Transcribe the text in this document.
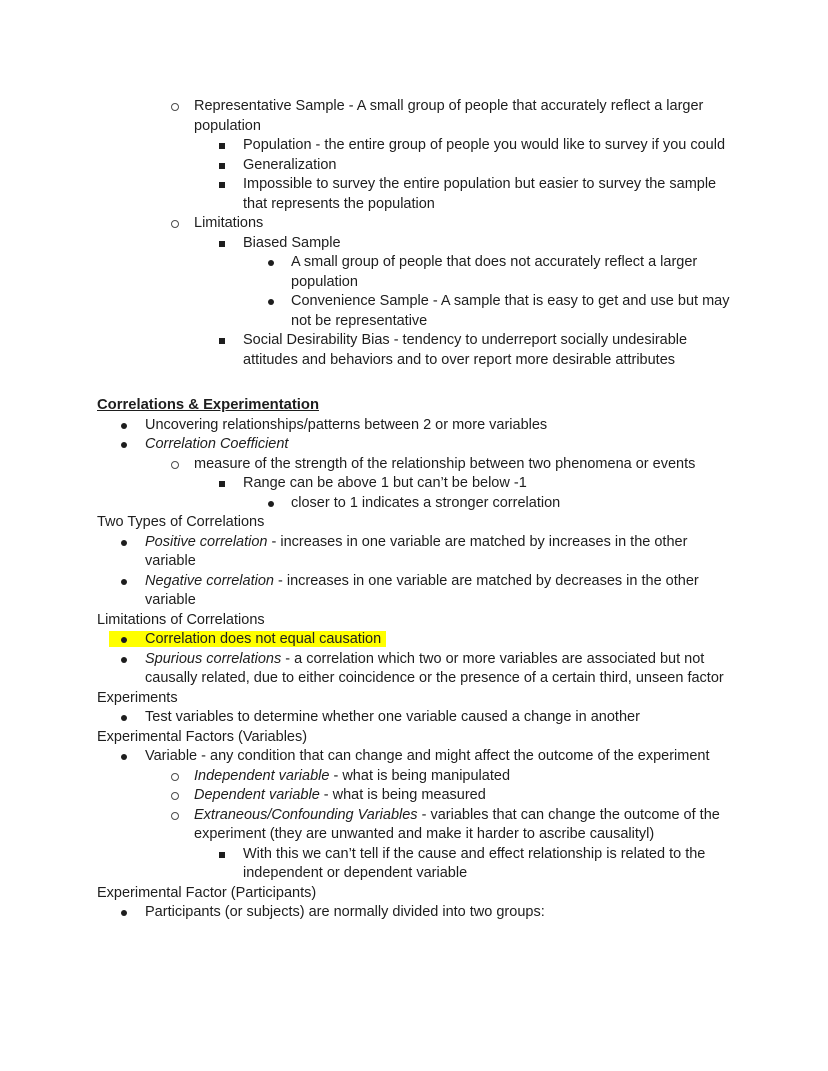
Representative Sample - A small group of people that accurately reflect a larger population
Population - the entire group of people you would like to survey if you could
Generalization
Impossible to survey the entire population but easier to survey the sample that represents the population
Limitations
Biased Sample
A small group of people that does not accurately reflect a larger population
Convenience Sample - A sample that is easy to get and use but may not be representative
Social Desirability Bias - tendency to underreport socially undesirable attitudes and behaviors and to over report more desirable attributes
Correlations & Experimentation
Uncovering relationships/patterns between 2 or more variables
Correlation Coefficient
measure of the strength of the relationship between two phenomena or events
Range can be above 1 but can’t be below -1
closer to 1 indicates a stronger correlation
Two Types of Correlations
Positive correlation - increases in one variable are matched by increases in the other variable
Negative correlation - increases in one variable are matched by decreases in the other variable
Limitations of Correlations
Correlation does not equal causation
Spurious correlations - a correlation which two or more variables are associated but not causally related, due to either coincidence or the presence of a certain third, unseen factor
Experiments
Test variables to determine whether one variable caused a change in another
Experimental Factors (Variables)
Variable - any condition that can change and might affect the outcome of the experiment
Independent variable - what is being manipulated
Dependent variable - what is being measured
Extraneous/Confounding Variables - variables that can change the outcome of the experiment (they are unwanted and make it harder to ascribe causalityl)
With this we can’t tell if the cause and effect relationship is related to the independent or dependent variable
Experimental Factor (Participants)
Participants (or subjects) are normally divided into two groups:
